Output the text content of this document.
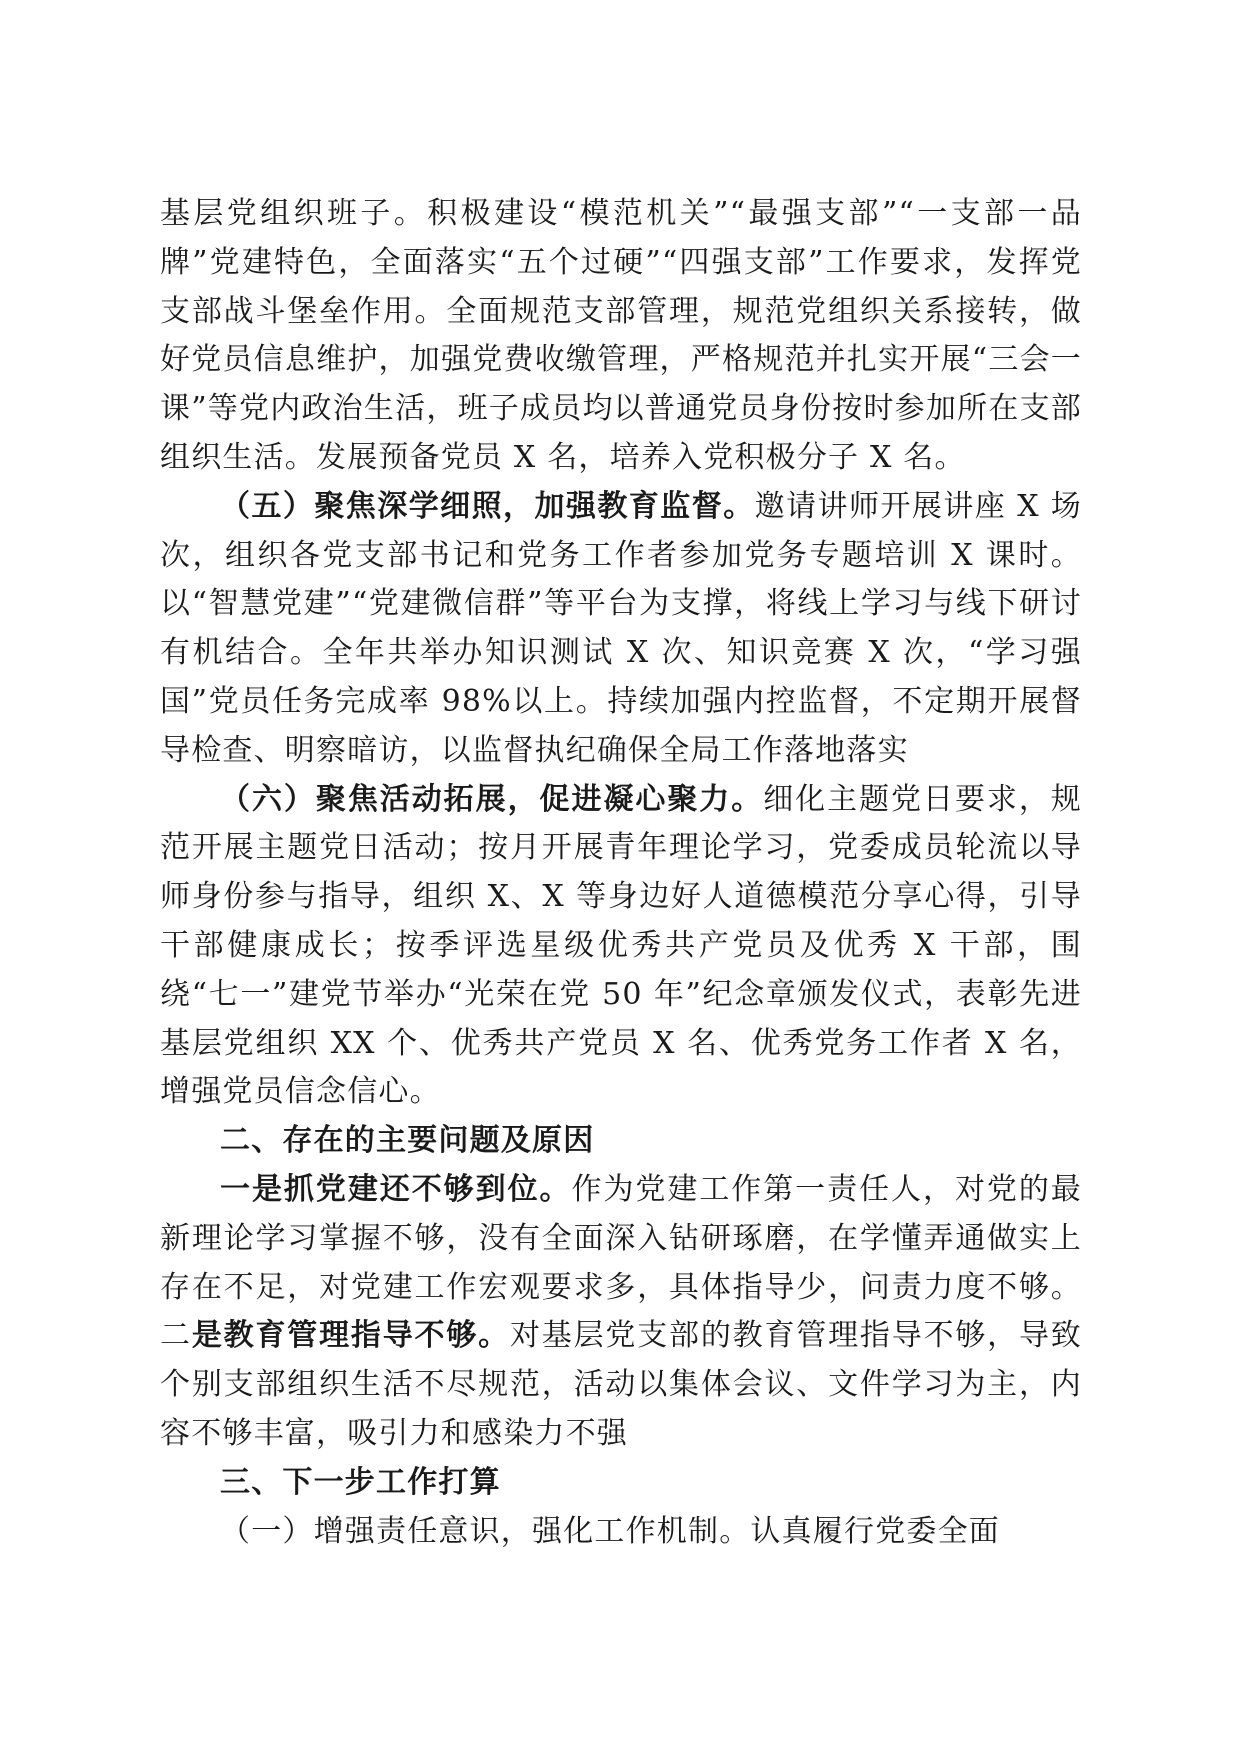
基层党组织班子。积极建设“模范机关”“最强支部”“一支部一品牌”党建特色，全面落实“五个过硬”“四强支部”工作要求，发挥党支部战斗堡垒作用。全面规范支部管理，规范党组织关系接转，做好党员信息维护，加强党费收缴管理，严格规范并扎实开展“三会一课”等党内政治生活，班子成员均以普通党员身份按时参加所在支部组织生活。发展预备党员 X 名，培养入党积极分子 X 名。

（五）聚焦深学细照，加强教育监督。邀请讲师开展讲座 X 场次，组织各党支部书记和党务工作者参加党务专题培训 X 课时。以“智慧党建”“党建微信群”等平台为支撑，将线上学习与线下研讨有机结合。全年共举办知识测试 X 次、知识竞赛 X 次，“学习强国”党员任务完成率 98%以上。持续加强内控监督，不定期开展督导检查、明察暗访，以监督执纪确保全局工作落地落实

（六）聚焦活动拓展，促进凝心聚力。细化主题党日要求，规范开展主题党日活动；按月开展青年理论学习，党委成员轮流以导师身份参与指导，组织 X、X 等身边好人道德模范分享心得，引导干部健康成长；按季评选星级优秀共产党员及优秀 X 干部，围绕“七一”建党节举办“光荣在党 50 年”纪念章颁发仪式，表彰先进基层党组织 XX 个、优秀共产党员 X 名、优秀党务工作者 X 名，增强党员信念信心。

二、存在的主要问题及原因

一是抓党建还不够到位。作为党建工作第一责任人，对党的最新理论学习掌握不够，没有全面深入钻研琢磨，在学懂弄通做实上存在不足，对党建工作宏观要求多，具体指导少，问责力度不够。二是教育管理指导不够。对基层党支部的教育管理指导不够，导致个别支部组织生活不尽规范，活动以集体会议、文件学习为主，内容不够丰富，吸引力和感染力不强

三、下一步工作打算

（一）增强责任意识，强化工作机制。认真履行党委全面
